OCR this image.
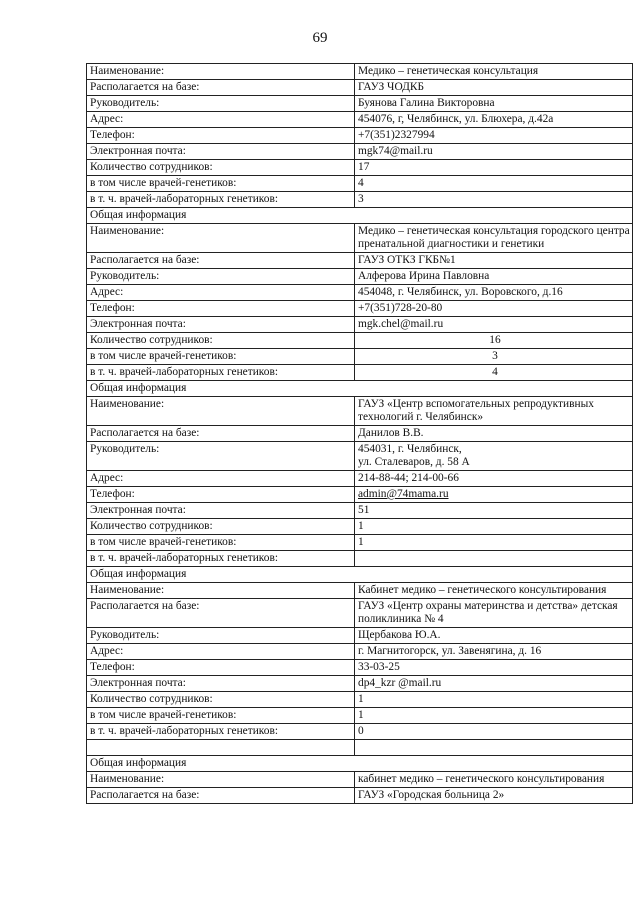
69
Наименование:	Медико – генетическая консультация
Располагается на базе:	ГАУЗ ЧОДКБ
Руководитель:	Буянова Галина Викторовна
Адрес:	454076, г, Челябинск, ул. Блюхера, д.42а
Телефон:	+7(351)2327994
Электронная почта:	mgk74@mail.ru
Количество сотрудников:	17
в том числе врачей-генетиков:	4
в т. ч. врачей-лабораторных генетиков:	3
Общая информация	
Наименование:	Медико – генетическая консультация городского центра пренатальной диагностики и генетики
Располагается на базе:	ГАУЗ ОТКЗ ГКБ№1
Руководитель:	Алферова Ирина Павловна
Адрес:	454048, г. Челябинск, ул. Воровского, д.16
Телефон:	+7(351)728-20-80
Электронная почта:	mgk.chel@mail.ru
Количество сотрудников:	16
в том числе врачей-генетиков:	3
в т. ч. врачей-лабораторных генетиков:	4
Общая информация	
Наименование:	ГАУЗ «Центр вспомогательных репродуктивных технологий г. Челябинск»
Располагается на базе:	Данилов В.В.
Руководитель:	454031, г. Челябинск,
ул. Сталеваров, д. 58 А
Адрес:	214-88-44; 214-00-66
Телефон:	admin@74mama.ru
Электронная почта:	51
Количество сотрудников:	1
в том числе врачей-генетиков:	1
в т. ч. врачей-лабораторных генетиков:	
Общая информация	
Наименование:	Кабинет медико – генетического консультирования
Располагается на базе:	ГАУЗ «Центр охраны материнства и детства» детская поликлиника № 4
Руководитель:	Щербакова Ю.А.
Адрес:	г. Магнитогорск, ул. Завенягина, д. 16
Телефон:	33-03-25
Электронная почта:	dp4_kzr @mail.ru
Количество сотрудников:	1
в том числе врачей-генетиков:	1
в т. ч. врачей-лабораторных генетиков:	0

Общая информация	
Наименование:	кабинет медико – генетического консультирования
Располагается на базе:	ГАУЗ «Городская больница 2»
